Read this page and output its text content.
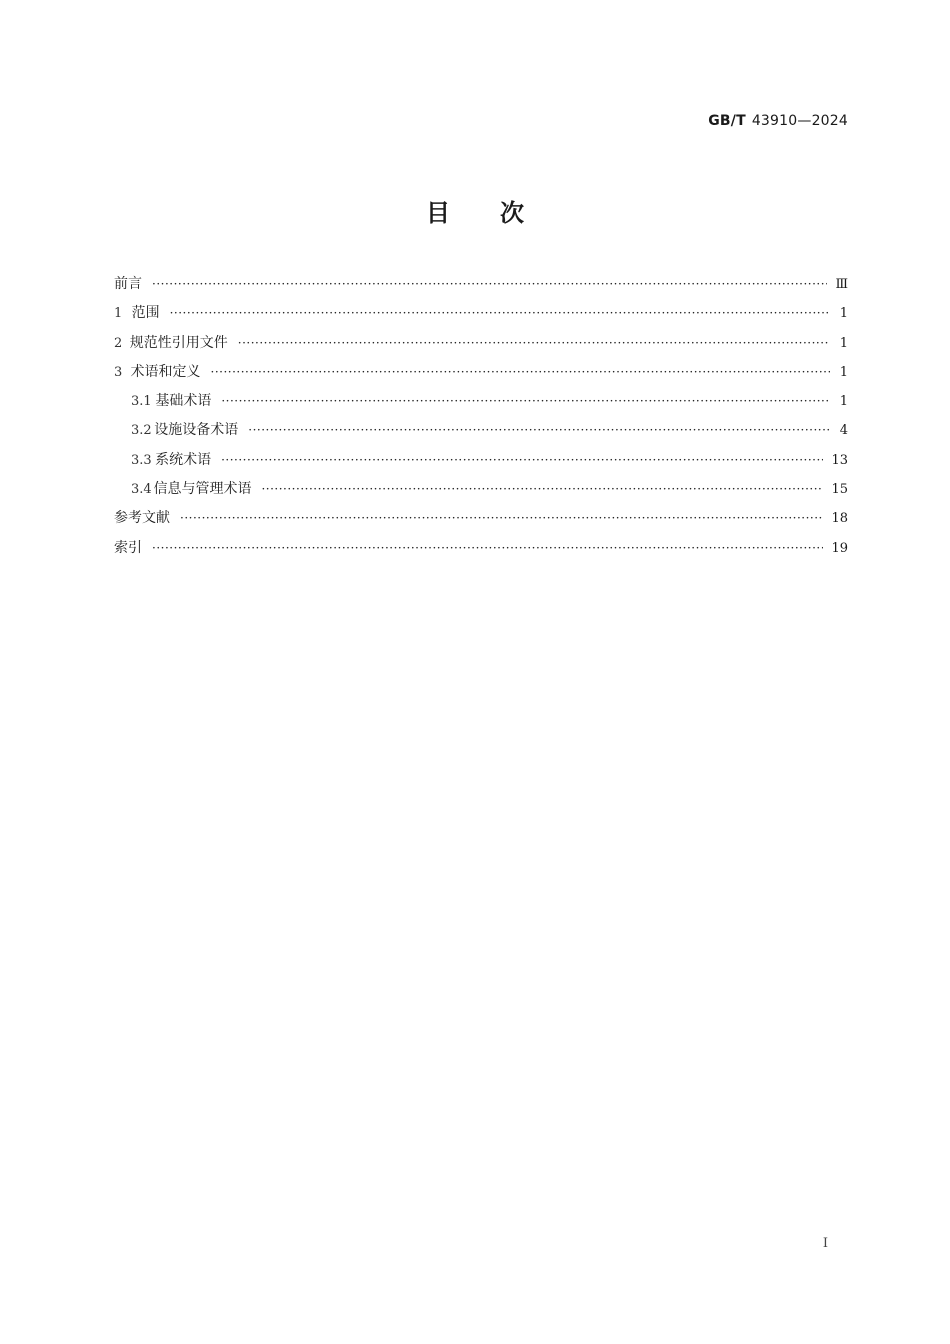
GB/T 43910—2024
目 次
前言 ·····	Ⅲ
1 范围 ·····	1
2 规范性引用文件 ·····	1
3 术语和定义 ·····	1
3.1 基础术语 ·····	1
3.2 设施设备术语 ·····	4
3.3 系统术语 ·····	13
3.4 信息与管理术语 ·····	15
参考文献 ·····	18
索引 ·····	19
I
